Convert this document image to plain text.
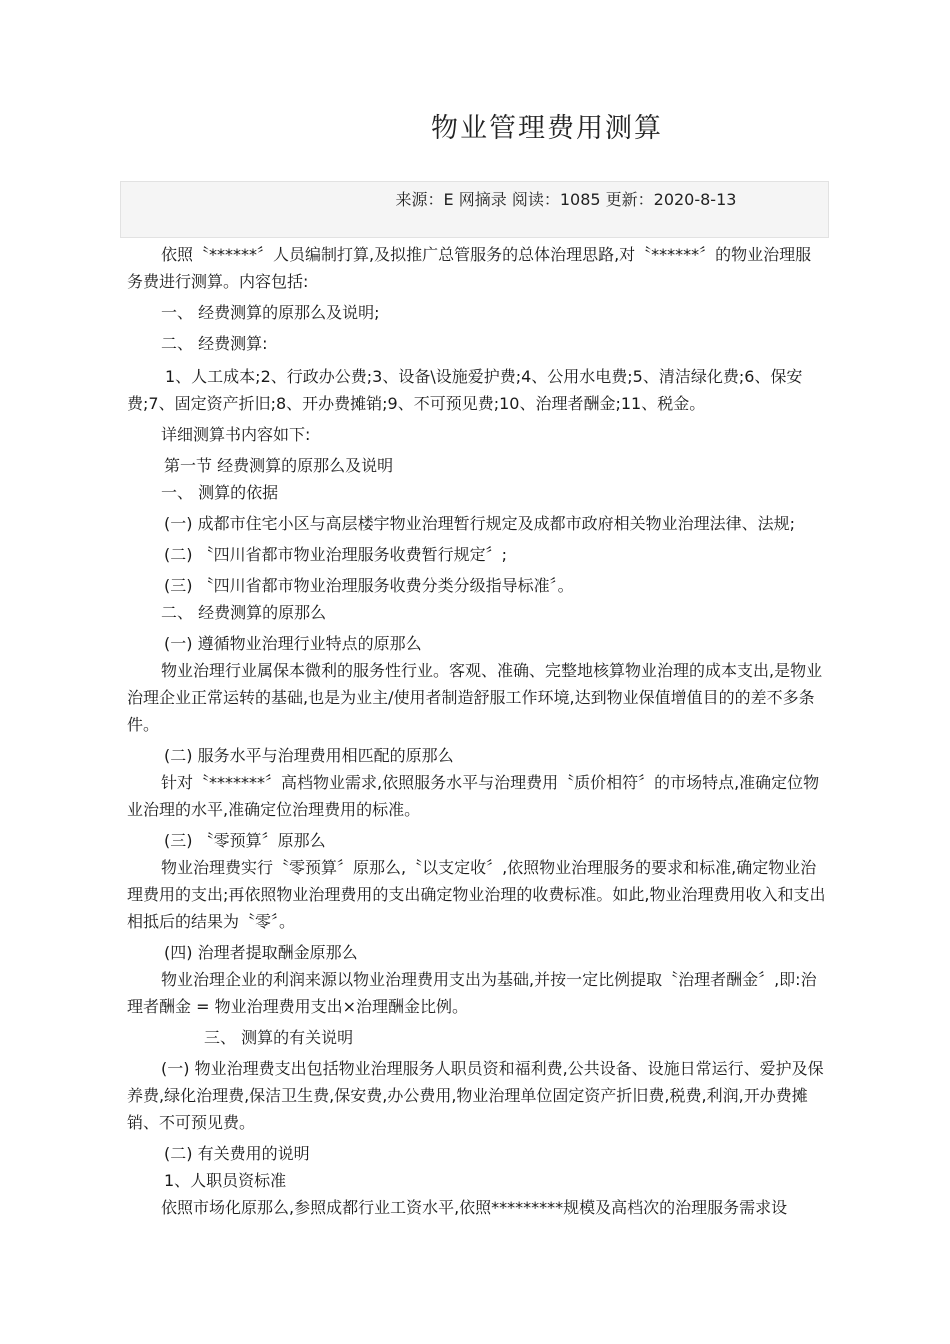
物业管理费用测算
来源：E 网摘录 阅读：1085 更新：2020-8-13

依照〝******〞人员编制打算,及拟推广总管服务的总体治理思路,对〝******〞的物业治理服务费进行测算。内容包括:

一、 经费测算的原那么及说明;

二、 经费测算:

1、人工成本;2、行政办公费;3、设备\设施爱护费;4、公用水电费;5、清洁绿化费;6、保安费;7、固定资产折旧;8、开办费摊销;9、不可预见费;10、治理者酬金;11、税金。

详细测算书内容如下:

第一节 经费测算的原那么及说明

一、 测算的依据

(一) 成都市住宅小区与高层楼宇物业治理暂行规定及成都市政府相关物业治理法律、法规;

(二) 〝四川省都市物业治理服务收费暂行规定〞;

(三) 〝四川省都市物业治理服务收费分类分级指导标准〞。

二、 经费测算的原那么

(一) 遵循物业治理行业特点的原那么

物业治理行业属保本微利的服务性行业。客观、准确、完整地核算物业治理的成本支出,是物业治理企业正常运转的基础,也是为业主/使用者制造舒服工作环境,达到物业保值增值目的的差不多条件。

(二) 服务水平与治理费用相匹配的原那么

针对〝*******〞高档物业需求,依照服务水平与治理费用〝质价相符〞的市场特点,准确定位物业治理的水平,准确定位治理费用的标准。

(三) 〝零预算〞原那么

物业治理费实行〝零预算〞原那么,〝以支定收〞,依照物业治理服务的要求和标准,确定物业治理费用的支出;再依照物业治理费用的支出确定物业治理的收费标准。如此,物业治理费用收入和支出相抵后的结果为〝零〞。

(四) 治理者提取酬金原那么

物业治理企业的利润来源以物业治理费用支出为基础,并按一定比例提取〝治理者酬金〞,即:治理者酬金 = 物业治理费用支出×治理酬金比例。

三、 测算的有关说明

(一) 物业治理费支出包括物业治理服务人职员资和福利费,公共设备、设施日常运行、爱护及保养费,绿化治理费,保洁卫生费,保安费,办公费用,物业治理单位固定资产折旧费,税费,利润,开办费摊销、不可预见费。

(二) 有关费用的说明

1、人职员资标准

依照市场化原那么,参照成都行业工资水平,依照*********规模及高档次的治理服务需求设
